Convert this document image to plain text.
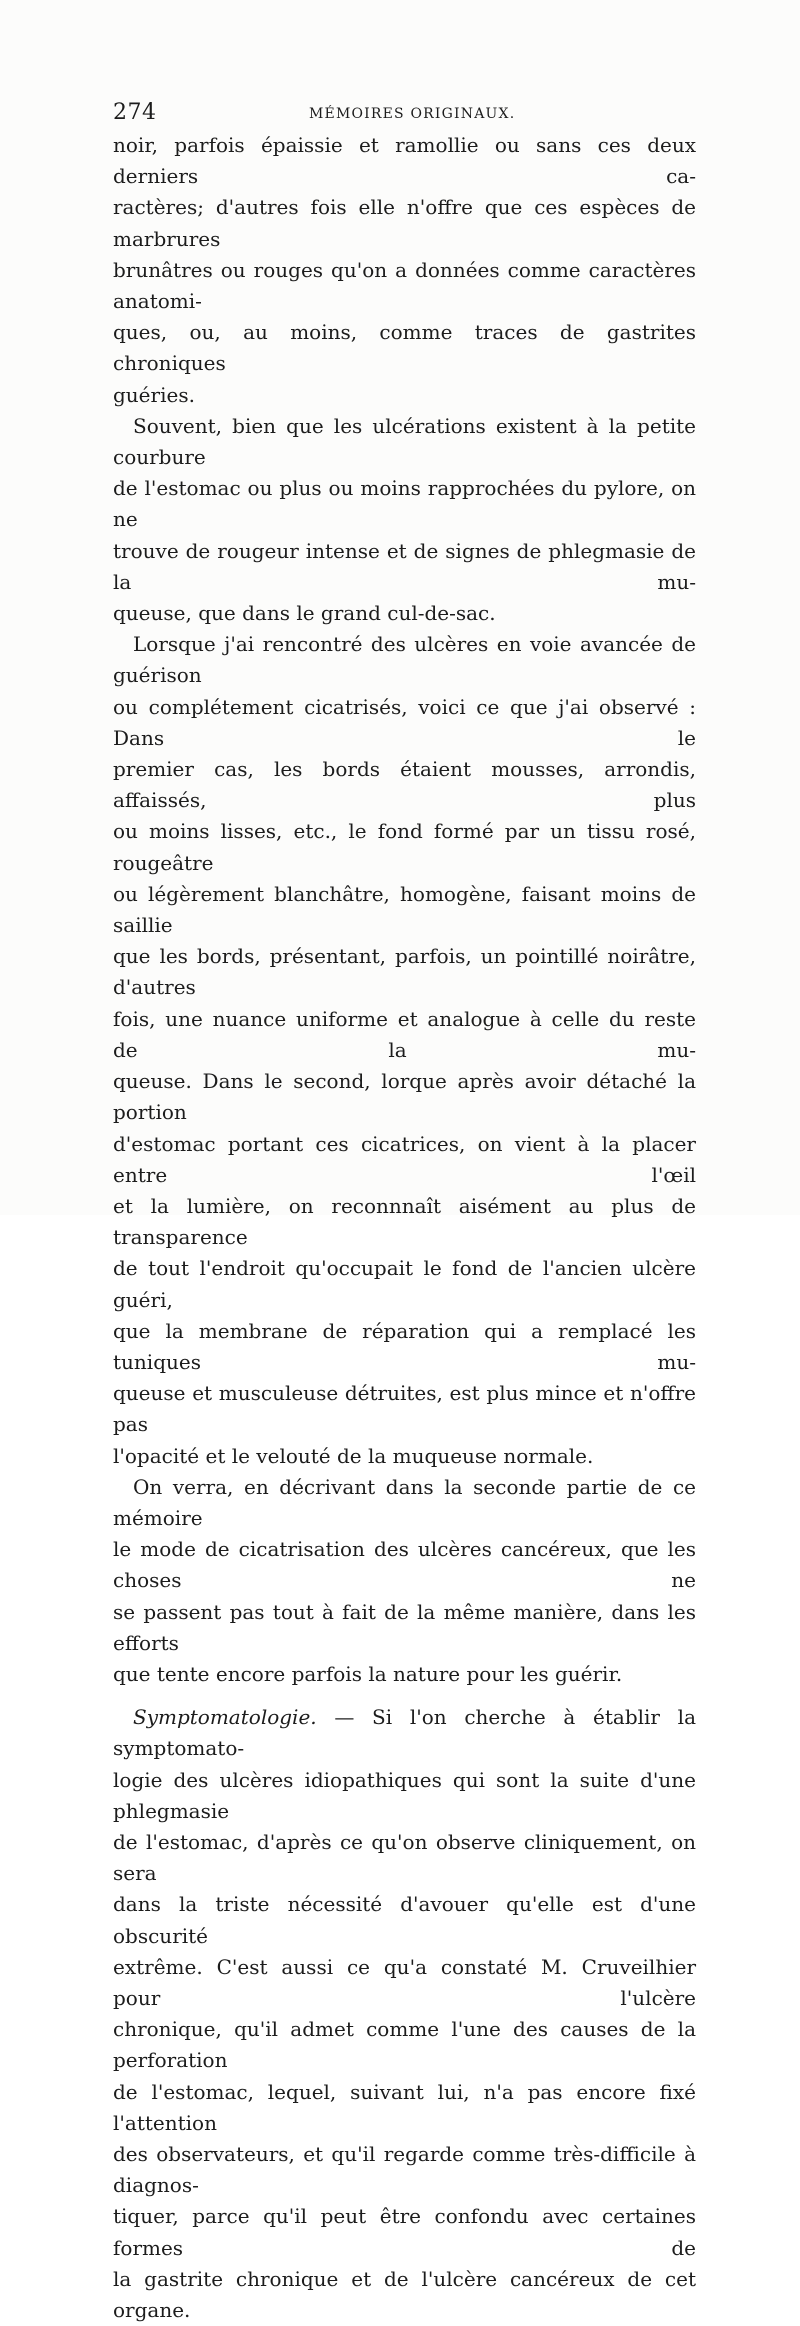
274	MÉMOIRES ORIGINAUX.

noir, parfois épaissie et ramollie ou sans ces deux derniers ca-

ractères; d'autres fois elle n'offre que ces espèces de marbrures

brunâtres ou rouges qu'on a données comme caractères anatomi-

ques, ou, au moins, comme traces de gastrites chroniques

guéries.

Souvent, bien que les ulcérations existent à la petite courbure

de l'estomac ou plus ou moins rapprochées du pylore, on ne

trouve de rougeur intense et de signes de phlegmasie de la mu-

queuse, que dans le grand cul-de-sac.

Lorsque j'ai rencontré des ulcères en voie avancée de guérison

ou complétement cicatrisés, voici ce que j'ai observé : Dans le

premier cas, les bords étaient mousses, arrondis, affaissés, plus

ou moins lisses, etc., le fond formé par un tissu rosé, rougeâtre

ou légèrement blanchâtre, homogène, faisant moins de saillie

que les bords, présentant, parfois, un pointillé noirâtre, d'autres

fois, une nuance uniforme et analogue à celle du reste de la mu-

queuse. Dans le second, lorque après avoir détaché la portion

d'estomac portant ces cicatrices, on vient à la placer entre l'œil

et la lumière, on reconnnaît aisément au plus de transparence

de tout l'endroit qu'occupait le fond de l'ancien ulcère guéri,

que la membrane de réparation qui a remplacé les tuniques mu-

queuse et musculeuse détruites, est plus mince et n'offre pas

l'opacité et le velouté de la muqueuse normale.

On verra, en décrivant dans la seconde partie de ce mémoire

le mode de cicatrisation des ulcères cancéreux, que les choses ne

se passent pas tout à fait de la même manière, dans les efforts

que tente encore parfois la nature pour les guérir.

Symptomatologie. — Si l'on cherche à établir la symptomato-

logie des ulcères idiopathiques qui sont la suite d'une phlegmasie

de l'estomac, d'après ce qu'on observe cliniquement, on sera

dans la triste nécessité d'avouer qu'elle est d'une obscurité

extrême. C'est aussi ce qu'a constaté M. Cruveilhier pour l'ulcère

chronique, qu'il admet comme l'une des causes de la perforation

de l'estomac, lequel, suivant lui, n'a pas encore fixé l'attention

des observateurs, et qu'il regarde comme très-difficile à diagnos-

tiquer, parce qu'il peut être confondu avec certaines formes de

la gastrite chronique et de l'ulcère cancéreux de cet organe.
